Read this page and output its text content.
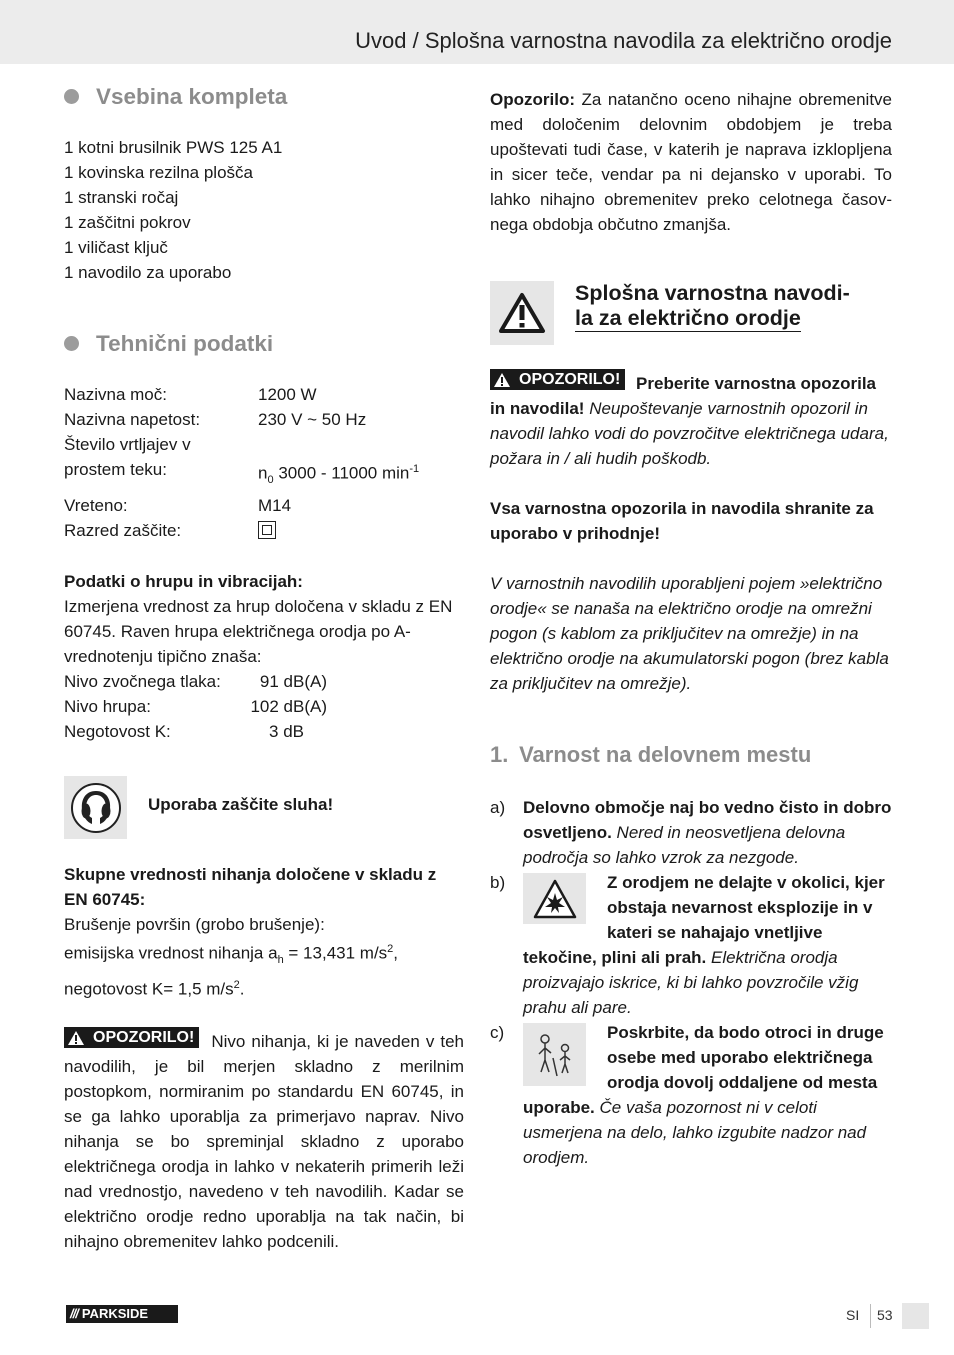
Uvod / Splošna varnostna navodila za električno orodje
Vsebina kompleta

1 kotni brusilnik PWS 125 A1

1 kovinska rezilna plošča

1 stranski ročaj

1 zaščitni pokrov

1 viličast ključ

1 navodilo za uporabo

Tehnični podatki
Nazivna moč:	1200 W
Nazivna napetost:	230 V ~ 50 Hz
Število vrtljajev v
prostem teku:	$n_0$ 3000 - 11000 $\min^{-1}$
Vreteno:	M14
Razred zaščite:

Podatki o hrupu in vibracijah:

Izmerjena vrednost za hrup določena v skladu z EN 60745. Raven hrupa električnega orodja po A-vrednotenju tipično znaša:

Nivo zvočnega tlaka:	91 dB(A)
Nivo hrupa:	102 dB(A)
Negotovost K:	3 dB
Uporaba zaščite sluha!

Skupne vrednosti nihanja določene v skladu z EN 60745:

Brušenje površin (grobo brušenje):

emisijska vrednost nihanja $a_h = 13,431$ $m/s^2$,

negotovost K= 1,5 $m/s^2$.

OPOZORILO! Nivo nihanja, ki je naveden v teh navodilih, je bil merjen skladno z merilnim postopkom, normiranim po standardu EN 60745, in se ga lahko uporablja za primerjavo naprav. Nivo nihanja se bo spreminjal skladno z uporabo električnega orodja in lahko v nekaterih primerih leži nad vrednostjo, navedeno v teh navodilih. Kadar se električno orodje redno uporablja na tak način, bi nihajno obremenitev lahko podcenili.

Opozorilo: Za natančno oceno nihajne obremenitve med določenim delovnim obdobjem je treba upoštevati tudi čase, v katerih je naprava izklopljena in sicer teče, vendar pa ni dejansko v uporabi. To lahko nihajno obremenitev preko celotnega časov-nega obdobja občutno zmanjša.

Splošna varnostna navodi-
la za električno orodje

OPOZORILO! Preberite varnostna opozorila in navodila! Neupoštevanje varnostnih opozoril in navodil lahko vodi do povzročitve električnega udara, požara in / ali hudih poškodb.

Vsa varnostna opozorila in navodila shranite za uporabo v prihodnje!

V varnostnih navodilih uporabljeni pojem »električno orodje« se nanaša na električno orodje na omrežni pogon (s kablom za priključitev na omrežje) in na električno orodje na akumulatorski pogon (brez kabla za priključitev na omrežje).

1. Varnost na delovnem mestu
a)	Delovno območje naj bo vedno čisto in dobro osvetljeno. Nered in neosvetljena delovna področja so lahko vzrok za nezgode.
b)	Z orodjem ne delajte v okolici, kjer obstaja nevarnost eksplozije in v kateri se nahajajo vnetljive tekočine, plini ali prah. Električna orodja proizvajajo iskrice, ki bi lahko povzročile vžig prahu ali pare.
c)	Poskrbite, da bodo otroci in druge osebe med uporabo električnega orodja dovolj oddaljene od mesta uporabe. Če vaša pozornost ni v celoti usmerjena na delo, lahko izgubite nadzor nad orodjem.
/// PARKSIDE	SI 53
